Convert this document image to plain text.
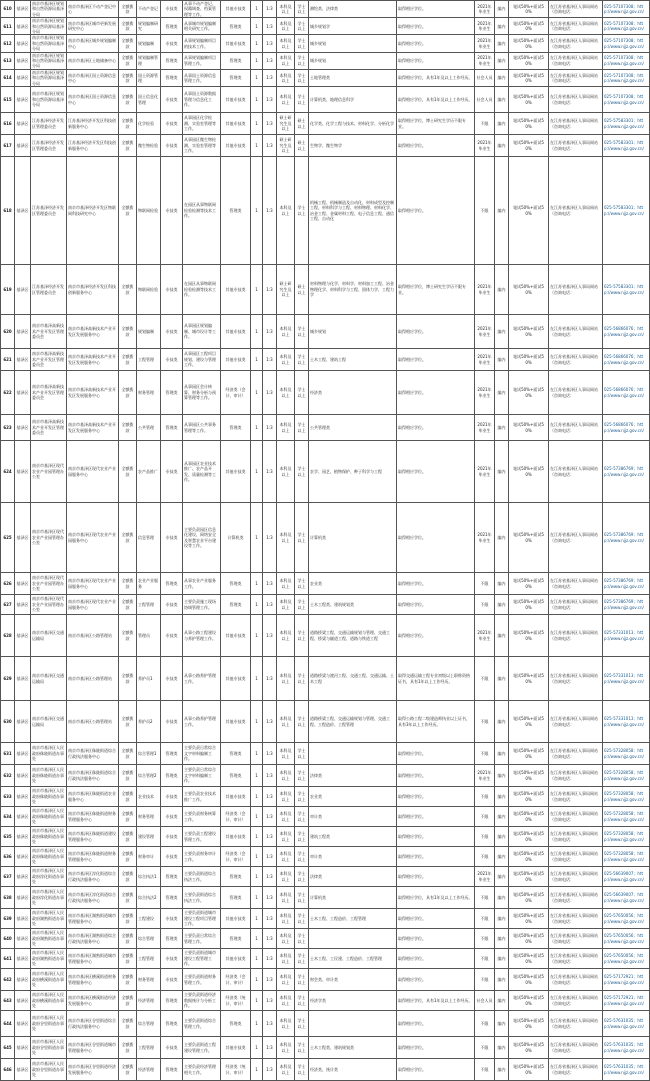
610	基泽区	南京市基泽区规划和自然资源局基泽分局	南京市基泽区不动产登记中心	全额拨款	不动产登记	专技类	从事不动产登记、权籍调查、档案管理等工作。	其他专技类	1	1:3	本科及以上	学士以上	测绘类、法律类	取得相应学位。	2021年毕业生	编内	笔试50%+面试50%	在江苏省基泽区人事局网站（咨询电话：	025-57107308；http://www.njjz.gov.cn/
611	基泽区	南京市基泽区规划和自然资源局基泽分局	南京市基泽区城市更新发展研究中心	全额拨款	规划编制研究	管理类	从事城市规划编制相关研究工作。	管理类	1	1:3	本科及以上	学士以上	城乡规划学	取得相应学位。	2021年毕业生	编内	笔试50%+面试50%	在江苏省基泽区人事局网站（咨询电话：	025-57107308；http://www.njjz.gov.cn/
612	基泽区	南京市基泽区规划和自然资源局基泽分局	南京市基泽区城乡规划编制中心	全额拨款	规划编制	专技类	从事规划编制项目的技术工作。	其他专技类	1	1:3	本科及以上	学士以上	城乡规划	取得相应学位。	2021年毕业生	编内	笔试50%+面试50%	在江苏省基泽区人事局网站（咨询电话：	025-57107308；http://www.njjz.gov.cn/
613	基泽区	南京市基泽区规划和自然资源局基泽分局	南京市基泽区土地储备中心	全额拨款	规划编制管理	管理类	从事规划编制项目管理工作。	管理类	1	1:3	本科及以上	学士以上	城乡规划	取得相应学位。	2021年毕业生	编内	笔试50%+面试50%	在江苏省基泽区人事局网站（咨询电话：	025-57107308；http://www.njjz.gov.cn/
614	基泽区	南京市基泽区规划和自然资源局基泽分局	南京市基泽区国土资源信息中心	全额拨款	国土资源管理	管理类	从事国土资源信息管理工作。	管理类	1	1:3	本科及以上	学士以上	土地管理类	取得相应学位，具有1年及以上工作经历。	社会人员	编内	笔试50%+面试50%	在江苏省基泽区人事局网站（咨询电话：	025-57107308；http://www.njjz.gov.cn/
615	基泽区	南京市基泽区规划和自然资源局基泽分局	南京市基泽区国土资源信息中心	全额拨款	国土信息化管理	专技类	从事国土资源数据管理与信息化工作。	其他专技类	1	1:3	本科及以上	学士以上	计算机类、地理信息科学	取得相应学位，具有1年及以上工作经历。	社会人员	编内	笔试50%+面试50%	在江苏省基泽区人事局网站（咨询电话：	025-57107308；http://www.njjz.gov.cn/
616	基泽区	江苏基泽经济开发区管理委员会	江苏基泽经济开发区科技创新服务中心	全额拨款	化学检验	专技类	从事园区化学检测、实验室管理等工作。	其他专技类	1	1:3	硕士研究生及以上	硕士以上	化学类、化学工程与技术、材料化学、分析化学	取得相应学位，博士研究生学历不限专业。	不限	编内	笔试50%+面试50%	在江苏省基泽区人事局网站（咨询电话：	025-57583301；http://www.njjz.gov.cn/
617	基泽区	江苏基泽经济开发区管理委员会	江苏基泽经济开发区科技创新服务中心	全额拨款	微生物检验	专技类	从事园区微生物检测、实验室管理等工作。	其他专技类	1	1:3	硕士研究生及以上	硕士以上	生物学、微生物学	取得相应学位。	2021年毕业生	编内	笔试50%+面试50%	在江苏省基泽区人事局网站（咨询电话：	025-57583301；http://www.njjz.gov.cn/
618	基泽区	江苏基泽经济开发区管理委员会	南京市基泽经济开发区物联网科技研究中心	全额拨款	物联网检验	专技类	在园区从事物联网检验检测等技术工作。	管理类	1	1:3	本科及以上	学士以上	机械工程、机械制造及自动化、材料成型及控制工程、材料科学与工程、材料物理、材料化学、冶金工程、金属材料工程、电子信息工程、通信工程、自动化	取得相应学位。	不限	编内	笔试50%+面试50%	在江苏省基泽区人事局网站（咨询电话：	025-57583301；http://www.njjz.gov.cn/
619	基泽区	江苏基泽经济开发区管理委员会	南京市基泽经济开发区科技创新服务中心	全额拨款	物联网检验	专技类	在园区从事物联网检验检测等技术工作。	其他专技类	1	1:3	硕士研究生及以上	硕士以上	材料物理与化学、材料学、材料加工工程、冶金物理化学、材料科学与工程、固体力学、工程力学	取得相应学位，博士研究生学历不限专业。	2021年毕业生	编内	笔试50%+面试50%	在江苏省基泽区人事局网站（咨询电话：	025-57583301；http://www.njjz.gov.cn/
620	基泽区	南京市基泽高新技术产业开发区管理委员会	南京市基泽高新技术产业开发区发展服务中心	全额拨款	规划编制	专技类	从事园区规划编制、城市设计等工作。	其他专技类	1	1:3	本科及以上	学士以上	城乡规划	取得相应学位。	2021年毕业生	编内	笔试50%+面试50%	在江苏省基泽区人事局网站（咨询电话：	025-56866076；http://www.njjz.gov.cn/
621	基泽区	南京市基泽高新技术产业开发区管理委员会	南京市基泽高新技术产业开发区发展服务中心	全额拨款	工程管理	专技类	从事园区工程项目规划、建设与管理工作。	其他专技类	1	1:3	本科及以上	学士以上	土木工程、建筑工程	取得相应学位。	2021年毕业生	编内	笔试50%+面试50%	在江苏省基泽区人事局网站（咨询电话：	025-56866076；http://www.njjz.gov.cn/
622	基泽区	南京市基泽高新技术产业开发区管理委员会	南京市基泽高新技术产业开发区发展服务中心	全额拨款	财务管理	管理类	从事园区会计核算、财务分析与预算管理等工作。	经济类（会计、审计）	1	1:3	本科及以上	学士以上	经济类	取得相应学位。	2021年毕业生	编内	笔试50%+面试50%	在江苏省基泽区人事局网站（咨询电话：	025-56866076；http://www.njjz.gov.cn/
623	基泽区	南京市基泽高新技术产业开发区管理委员会	南京市基泽高新技术产业开发区发展服务中心	全额拨款	公共管理	管理类	从事园区公共事务管理等工作。	管理类	1	1:3	本科及以上	学士以上	公共管理类	取得相应学位。	2021年毕业生	编内	笔试50%+面试50%	在江苏省基泽区人事局网站（咨询电话：	025-56866076；http://www.njjz.gov.cn/
624	基泽区	南京市基泽区现代农业产业园管理办公室	南京市基泽区现代农业产业园服务中心	全额拨款	农产品推广	专技类	从事园区农业技术推广、农产品开发、质量检测等工作。	其他专技类	1	1:3	本科及以上	学士以上	农学、园艺、植物保护、种子科学与工程	取得相应学位。	2021年毕业生	编内	笔试50%+面试50%	在江苏省基泽区人事局网站（咨询电话：	025-57386769；http://www.njjz.gov.cn/
625	基泽区	南京市基泽区现代农业产业园管理办公室	南京市基泽区现代农业产业园服务中心	全额拨款	信息管理	专技类	主要负责园区信息化建设、网络安全及智慧农业平台建设等工作。	计算机类	1	1:3	本科及以上	学士以上	计算机类	取得相应学位。	2021年毕业生	编内	笔试50%+面试50%	在江苏省基泽区人事局网站（咨询电话：	025-57386769；http://www.njjz.gov.cn/
626	基泽区	南京市基泽区现代农业产业园管理办公室	南京市基泽区现代农业产业园服务中心	全额拨款	农业产业服务	管理类	从事农业产业服务工作。	管理类	1	1:3	本科及以上	学士以上	农业类	取得相应学位。	不限	编内	笔试50%+面试50%	在江苏省基泽区人事局网站（咨询电话：	025-57386769；http://www.njjz.gov.cn/
627	基泽区	南京市基泽区现代农业产业园管理办公室	南京市基泽区现代农业产业园服务中心	全额拨款	工程管理	专技类	主要负责施工现场协调管理工作。	管理类	1	1:3	本科及以上	学士以上	土木工程类、建筑规划类	取得相应学位。	不限	编内	笔试50%+面试50%	在江苏省基泽区人事局网站（咨询电话：	025-57386769；http://www.njjz.gov.cn/
628	基泽区	南京市基泽区交通运输局	南京市基泽区公路管理站	全额拨款	管理员	专技类	从事公路工程建设与养护管理工作。	其他专技类	1	1:3	本科及以上	学士以上	道路桥梁工程、交通运输规划与管理、交通工程、桥梁与隧道工程、道路与铁道工程	取得相应学位。	2021年毕业生	编内	笔试50%+面试50%	在江苏省基泽区人事局网站（咨询电话：	025-57331013；http://www.njjz.gov.cn/
629	基泽区	南京市基泽区交通运输局	南京市基泽区公路管理站	全额拨款	养护员1	专技类	从事公路养护管理工作。	其他专技类	1	1:3	本科及以上	学士以上	道路桥梁与渡河工程、交通工程、交通运输、土木工程	取得交通运输工程专业初级以上职称资格证书，具有1年以上工作经历。	不限	编内	笔试50%+面试50%	在江苏省基泽区人事局网站（咨询电话：	025-57331013；http://www.njjz.gov.cn/
630	基泽区	南京市基泽区交通运输局	南京市基泽区公路管理站	全额拨款	养护员2	专技类	从事公路养护管理工作。	其他专技类	1	1:3	本科及以上	学士以上	道路桥梁工程、交通运输规划与管理、交通工程、工程造价、工程管理	取得公路工程二级建造师执业以上证书，具有3年以上工作经历。	不限	编内	笔试50%+面试50%	在江苏省基泽区人事局网站（咨询电话：	025-57331013；http://www.njjz.gov.cn/
631	基泽区	南京市基泽区人民政府秣陵街道办事处	南京市基泽区秣陵街道综合行政执法服务中心	全额拨款	综合管理1	管理类	主要负责日常综合文字材料编制工作。	管理类	1	1:3	本科及以上	学士以上		取得相应学位。	不限	编内	笔试50%+面试50%	在江苏省基泽区人事局网站（咨询电话：	025-57328058；http://www.njjz.gov.cn/
632	基泽区	南京市基泽区人民政府秣陵街道办事处	南京市基泽区秣陵街道综合行政执法服务中心	全额拨款	综合管理2	管理类	主要负责日常综合文字材料编制工作。	管理类	1	1:3	本科及以上	学士以上	法律类	取得相应学位。	2021年毕业生	编内	笔试50%+面试50%	在江苏省基泽区人事局网站（咨询电话：	025-57328058；http://www.njjz.gov.cn/
633	基泽区	南京市基泽区人民政府秣陵街道办事处	南京市基泽区秣陵街道农业服务中心	全额拨款	农业技术	专技类	主要负责农业技术推广工作。	其他专技类	1	1:3	本科及以上	学士以上	农业类	取得相应学位。	不限	编内	笔试50%+面试50%	在江苏省基泽区人事局网站（咨询电话：	025-57328058；http://www.njjz.gov.cn/
634	基泽区	南京市基泽区人民政府秣陵街道办事处	南京市基泽区秣陵街道财务管理服务中心	全额拨款	财务管理	专技类	主要负责财务核算工作。	经济类（会计、审计）	1	1:3	本科及以上	学士以上	审计类	取得相应学位。	不限	编内	笔试50%+面试50%	在江苏省基泽区人事局网站（咨询电话：	025-57328058；http://www.njjz.gov.cn/
635	基泽区	南京市基泽区人民政府秣陵街道办事处	南京市基泽区秣陵街道建设管理服务中心	全额拨款	建设管理	专技类	主要负责工程建设管理工作。	其他专技类	1	1:3	本科及以上	学士以上	建筑工程类	取得相应学位。	不限	编内	笔试50%+面试50%	在江苏省基泽区人事局网站（咨询电话：	025-57328058；http://www.njjz.gov.cn/
636	基泽区	南京市基泽区人民政府秣陵街道办事处	南京市基泽区秣陵街道财务管理服务中心	全额拨款	财务审计	专技类	主要负责财务审计工作。	经济类（会计、审计）	1	1:3	本科及以上	学士以上	审计类	取得相应学位。	不限	编内	笔试50%+面试50%	在江苏省基泽区人事局网站（咨询电话：	025-57328058；http://www.njjz.gov.cn/
637	基泽区	南京市基泽区人民政府淳化街道办事处	南京市基泽区淳化街道综合行政执法服务中心	全额拨款	综合执法1	管理类	主要负责街道综合执法工作。	管理类	1	1:3	本科及以上	学士以上	法律类	取得相应学位。	2021年毕业生	编内	笔试50%+面试50%	在江苏省基泽区人事局网站（咨询电话：	025-56639007；http://www.njjz.gov.cn/
638	基泽区	南京市基泽区人民政府淳化街道办事处	南京市基泽区淳化街道综合行政执法服务中心	全额拨款	综合执法2	管理类	主要负责街道综合执法工作。	管理类	1	1:3	本科及以上	学士以上	计算机类	取得相应学位，具有1年及以上工作经历。	不限	编内	笔试50%+面试50%	在江苏省基泽区人事局网站（咨询电话：	025-56639007；http://www.njjz.gov.cn/
639	基泽区	南京市基泽区人民政府湖熟街道办事处	南京市基泽区湖熟街道城市管理服务中心	全额拨款	工程建设	专技类	主要负责街道城市建设工程项目管理工作。	其他专技类	1	1:3	本科及以上	学士以上	土木工程、工程造价、工程管理	取得相应学位。	不限	编内	笔试50%+面试50%	在江苏省基泽区人事局网站（咨询电话：	025-57650056；http://www.njjz.gov.cn/
640	基泽区	南京市基泽区人民政府湖熟街道办事处	南京市基泽区湖熟街道综合行政执法服务中心	全额拨款	综合管理	管理类	主要负责日常综合管理工作。	管理类	1	1:3	本科及以上	学士以上		取得相应学位。	不限	编内	笔试50%+面试50%	在江苏省基泽区人事局网站（咨询电话：	025-57650056；http://www.njjz.gov.cn/
641	基泽区	南京市基泽区人民政府湖熟街道办事处	南京市基泽区湖熟街道城市管理服务中心	全额拨款	工程管理	专技类	主要负责街道城市建设工程管理工作。	其他专技类	1	1:3	本科及以上	学士以上	土木工程、工民建、工程造价、工程管理	取得相应学位。	不限	编内	笔试50%+面试50%	在江苏省基泽区人事局网站（咨询电话：	025-57650056；http://www.njjz.gov.cn/
642	基泽区	南京市基泽区人民政府横溪街道办事处	南京市基泽区横溪街道财务管理服务中心	全额拨款	财务管理	专技类	主要负责街道财务管理工作。	经济类（会计、审计）	1	1:3	本科及以上	学士以上	财会类、审计类	取得相应学位。	不限	编内	笔试50%+面试50%	在江苏省基泽区人事局网站（咨询电话：	025-57172921；http://www.njjz.gov.cn/
643	基泽区	南京市基泽区人民政府横溪街道办事处	南京市基泽区横溪街道经济发展服务中心	全额拨款	经济管理	管理类	主要负责街道经济数据统计与分析工作。	经济类（统计、审计）	1	1:3	本科及以上	学士以上	经济学类	取得相应学位，具有1年及以上工作经历。	社会人员	编内	笔试50%+面试50%	在江苏省基泽区人事局网站（咨询电话：	025-57172921；http://www.njjz.gov.cn/
644	基泽区	南京市基泽区人民政府谷里街道办事处	南京市基泽区谷里街道综合行政执法服务中心	全额拨款	综合管理	管理类	主要负责街道综合管理工作。	管理类	1	1:3	本科及以上	学士以上		取得相应学位。	不限	编内	笔试50%+面试50%	在江苏省基泽区人事局网站（咨询电话：	025-57631035；http://www.njjz.gov.cn/
645	基泽区	南京市基泽区人民政府谷里街道办事处	南京市基泽区谷里街道城市管理服务中心	全额拨款	工程管理	专技类	主要负责街道工程建设管理工作。	其他专技类	1	1:3	本科及以上	学士以上	土木工程类、建筑规划类	取得相应学位。	不限	编内	笔试50%+面试50%	在江苏省基泽区人事局网站（咨询电话：	025-57631035；http://www.njjz.gov.cn/
646	基泽区	南京市基泽区人民政府谷里街道办事处	南京市基泽区谷里街道经济发展服务中心	全额拨款	经济管理	管理类	主要负责经济管理相关工作。	经济类（统计、审计）	1	1:3	本科及以上	学士以上	经济类、统计类	取得相应学位。	不限	编内	笔试50%+面试50%	在江苏省基泽区人事局网站（咨询电话：	025-57631035；http://www.njjz.gov.cn/
